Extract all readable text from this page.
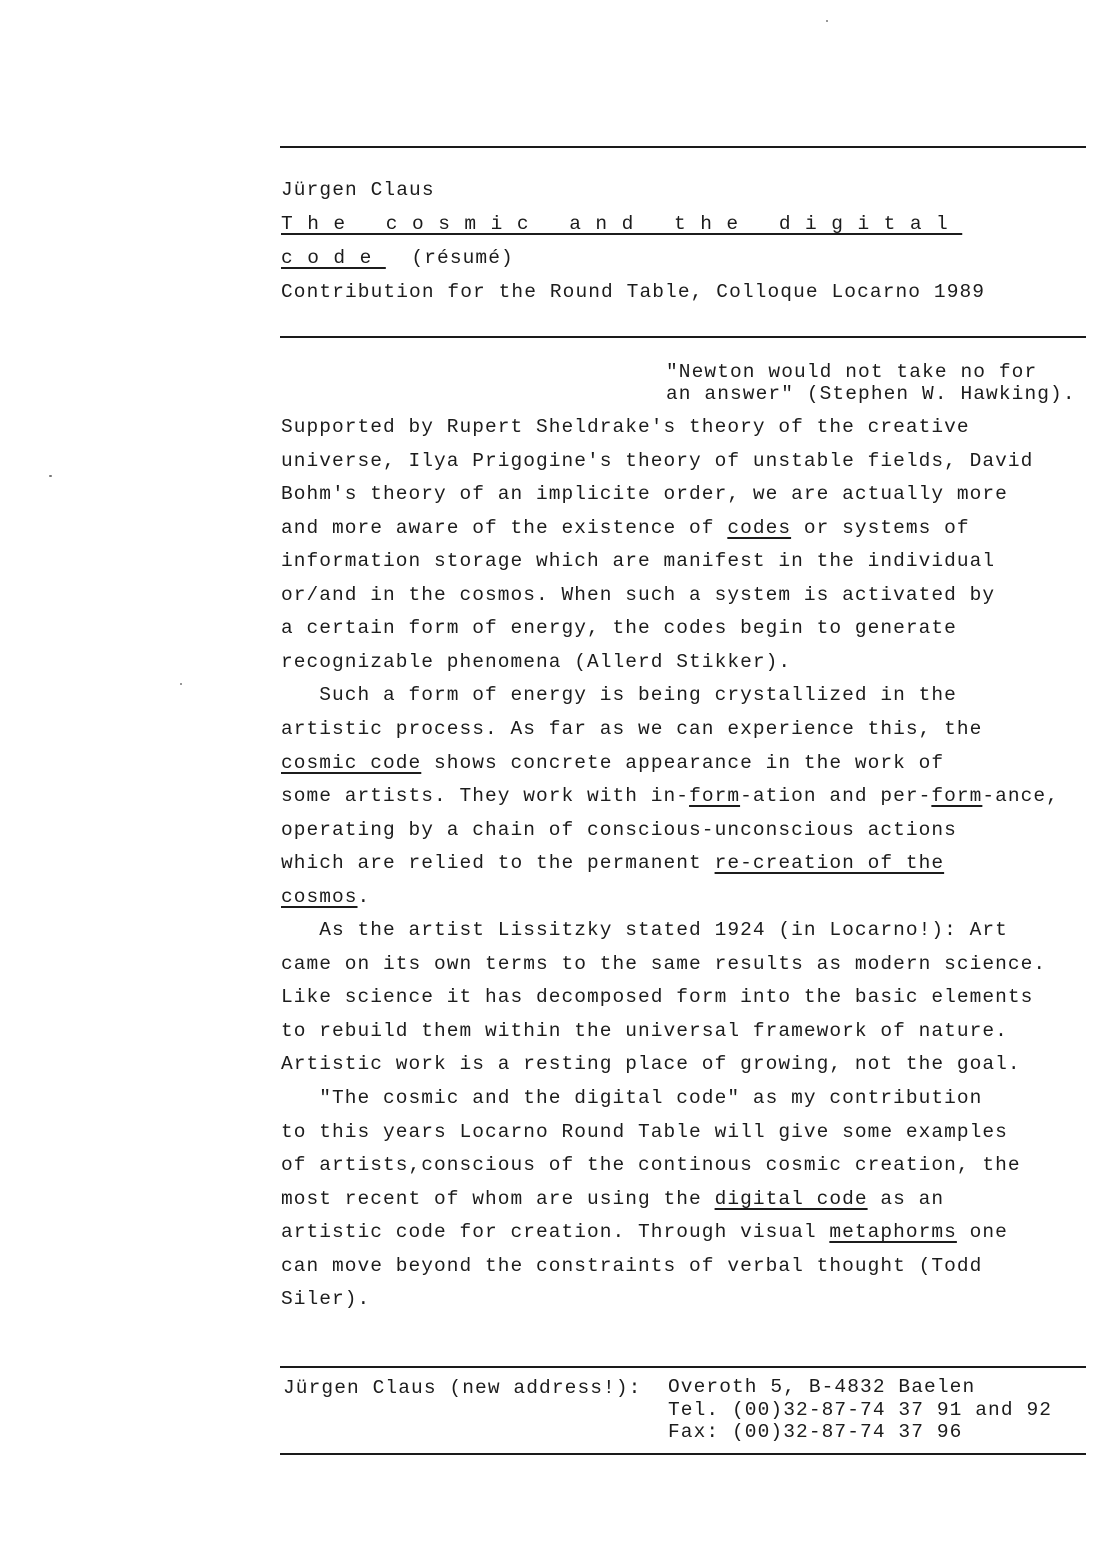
Jürgen Claus
The cosmic and the digital
code (résumé)
Contribution for the Round Table, Colloque Locarno 1989
"Newton would not take no for
an answer" (Stephen W. Hawking).
Supported by Rupert Sheldrake's theory of the creative
universe, Ilya Prigogine's theory of unstable fields, David
Bohm's theory of an implicite order, we are actually more
and more aware of the existence of codes or systems of
information storage which are manifest in the individual
or/and in the cosmos. When such a system is activated by
a certain form of energy, the codes begin to generate
recognizable phenomena (Allerd Stikker).
Such a form of energy is being crystallized in the
artistic process. As far as we can experience this, the
cosmic code shows concrete appearance in the work of
some artists. They work with in-form-ation and per-form-ance,
operating by a chain of conscious-unconscious actions
which are relied to the permanent re-creation of the
cosmos.
As the artist Lissitzky stated 1924 (in Locarno!): Art
came on its own terms to the same results as modern science.
Like science it has decomposed form into the basic elements
to rebuild them within the universal framework of nature.
Artistic work is a resting place of growing, not the goal.
"The cosmic and the digital code" as my contribution
to this years Locarno Round Table will give some examples
of artists,conscious of the continous cosmic creation, the
most recent of whom are using the digital code as an
artistic code for creation. Through visual metaphorms one
can move beyond the constraints of verbal thought (Todd
Siler).
Jürgen Claus (new address!): Overoth 5, B-4832 Baelen
Tel. (00)32-87-74 37 91 and 92
Fax: (00)32-87-74 37 96
